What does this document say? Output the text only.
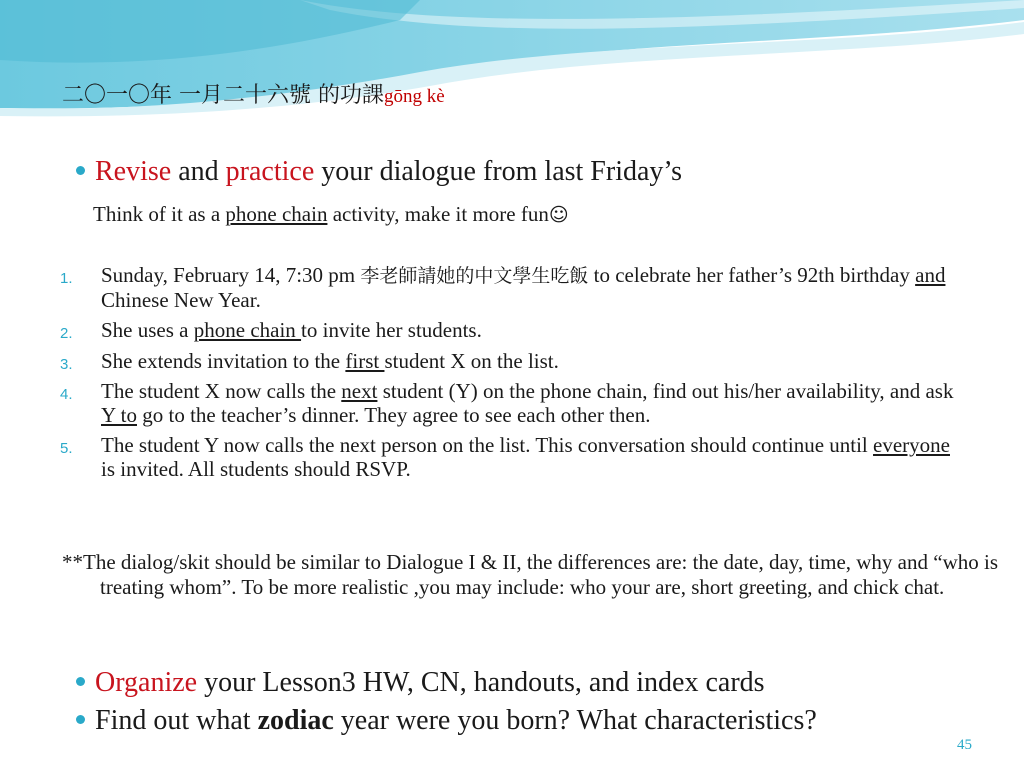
二〇一〇年 一月二十六號 的功課gōng kè
Revise and practice your dialogue from last Friday’s
Think of it as a phone chain activity, make it more fun☺
1. Sunday, February 14, 7:30 pm 李老師請她的中文學生吃飯 to celebrate her father’s 92th birthday and Chinese New Year.
2. She uses a phone chain to invite her students.
3. She extends invitation to the first student X on the list.
4. The student X now calls the next student (Y) on the phone chain, find out his/her availability, and ask Y to go to the teacher’s dinner. They agree to see each other then.
5. The student Y now calls the next person on the list. This conversation should continue until everyone is invited. All students should RSVP.
**The dialog/skit should be similar to Dialogue I & II, the differences are: the date, day, time, why and “who is treating whom”. To be more realistic ,you may include: who your are, short greeting, and chick chat.
Organize your Lesson3 HW, CN, handouts, and index cards
Find out what zodiac year were you born? What characteristics?
45
